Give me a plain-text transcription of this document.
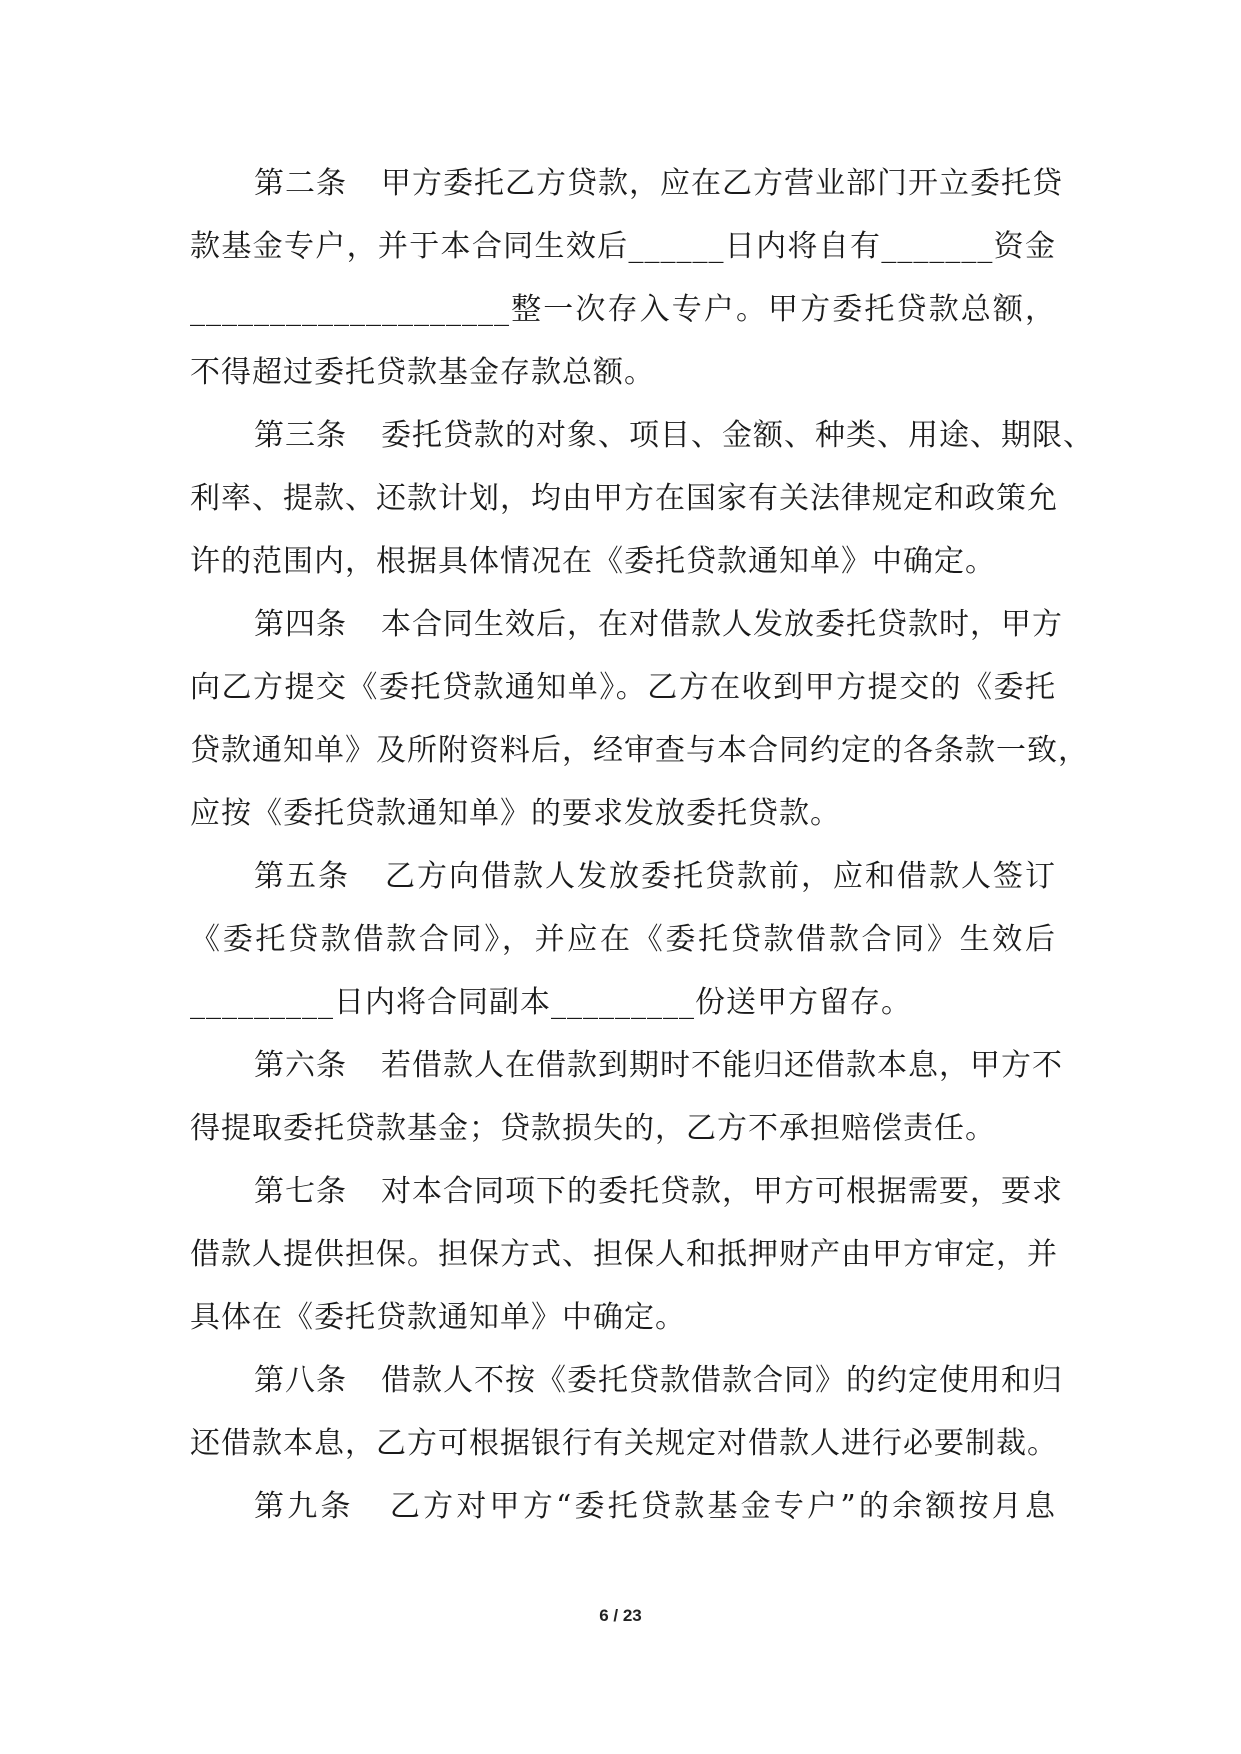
第二条 甲方委托乙方贷款，应在乙方营业部门开立委托贷
款基金专户，并于本合同生效后______日内将自有_______资金
____________________整一次存入专户。甲方委托贷款总额，
不得超过委托贷款基金存款总额。
第三条 委托贷款的对象、项目、金额、种类、用途、期限、
利率、提款、还款计划，均由甲方在国家有关法律规定和政策允
许的范围内，根据具体情况在《委托贷款通知单》中确定。
第四条 本合同生效后，在对借款人发放委托贷款时，甲方
向乙方提交《委托贷款通知单》。乙方在收到甲方提交的《委托
贷款通知单》及所附资料后，经审查与本合同约定的各条款一致，
应按《委托贷款通知单》的要求发放委托贷款。
第五条 乙方向借款人发放委托贷款前，应和借款人签订
《委托贷款借款合同》，并应在《委托贷款借款合同》生效后
_________日内将合同副本_________份送甲方留存。
第六条 若借款人在借款到期时不能归还借款本息，甲方不
得提取委托贷款基金；贷款损失的，乙方不承担赔偿责任。
第七条 对本合同项下的委托贷款，甲方可根据需要，要求
借款人提供担保。担保方式、担保人和抵押财产由甲方审定，并
具体在《委托贷款通知单》中确定。
第八条 借款人不按《委托贷款借款合同》的约定使用和归
还借款本息，乙方可根据银行有关规定对借款人进行必要制裁。
第九条 乙方对甲方“委托贷款基金专户”的余额按月息
6 / 23
